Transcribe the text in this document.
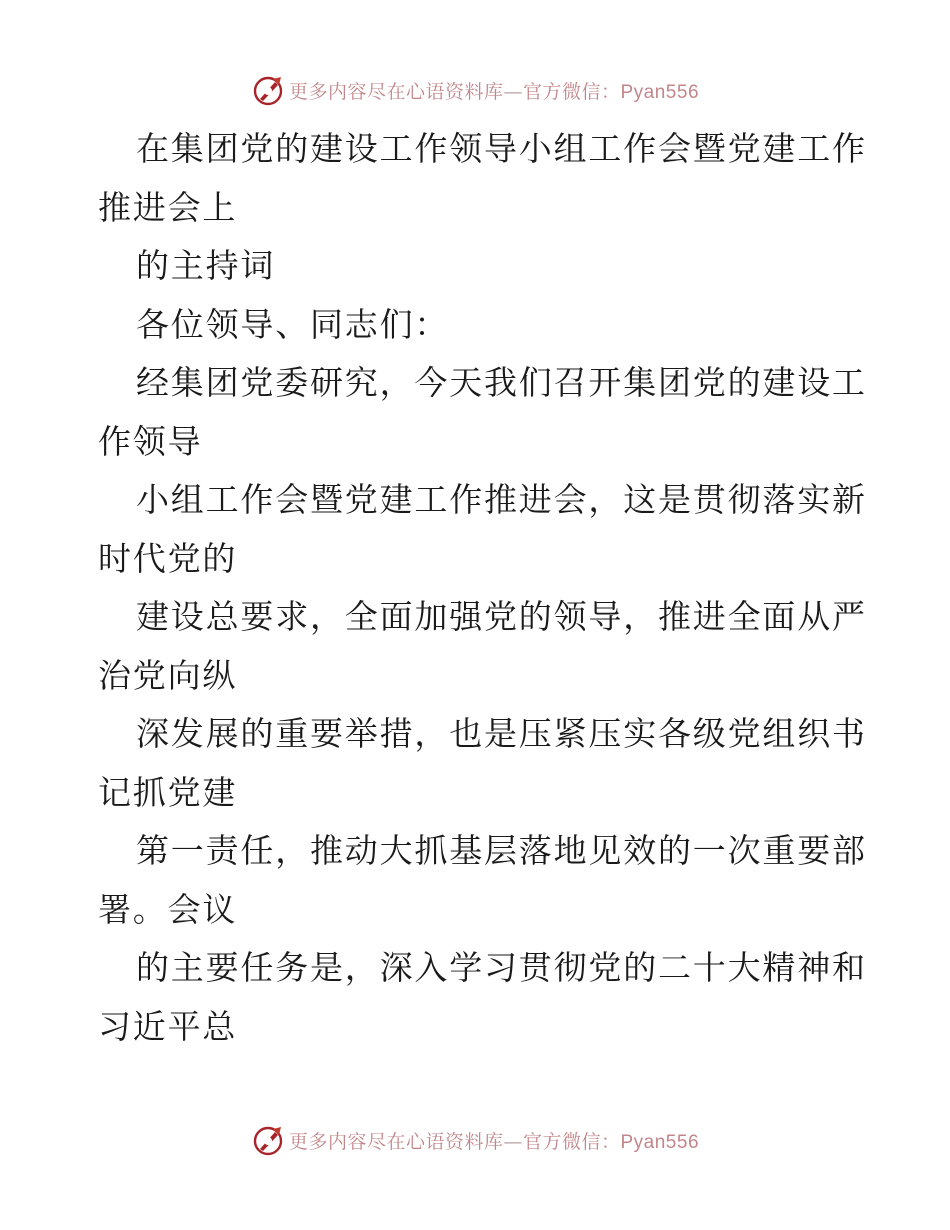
更多内容尽在心语资料库—官方微信：Pyan556
在集团党的建设工作领导小组工作会暨党建工作
推进会上
的主持词
各位领导、同志们：
经集团党委研究，今天我们召开集团党的建设工
作领导
小组工作会暨党建工作推进会，这是贯彻落实新
时代党的
建设总要求，全面加强党的领导，推进全面从严
治党向纵
深发展的重要举措，也是压紧压实各级党组织书
记抓党建
第一责任，推动大抓基层落地见效的一次重要部
署。会议
的主要任务是，深入学习贯彻党的二十大精神和
习近平总
更多内容尽在心语资料库—官方微信：Pyan556
